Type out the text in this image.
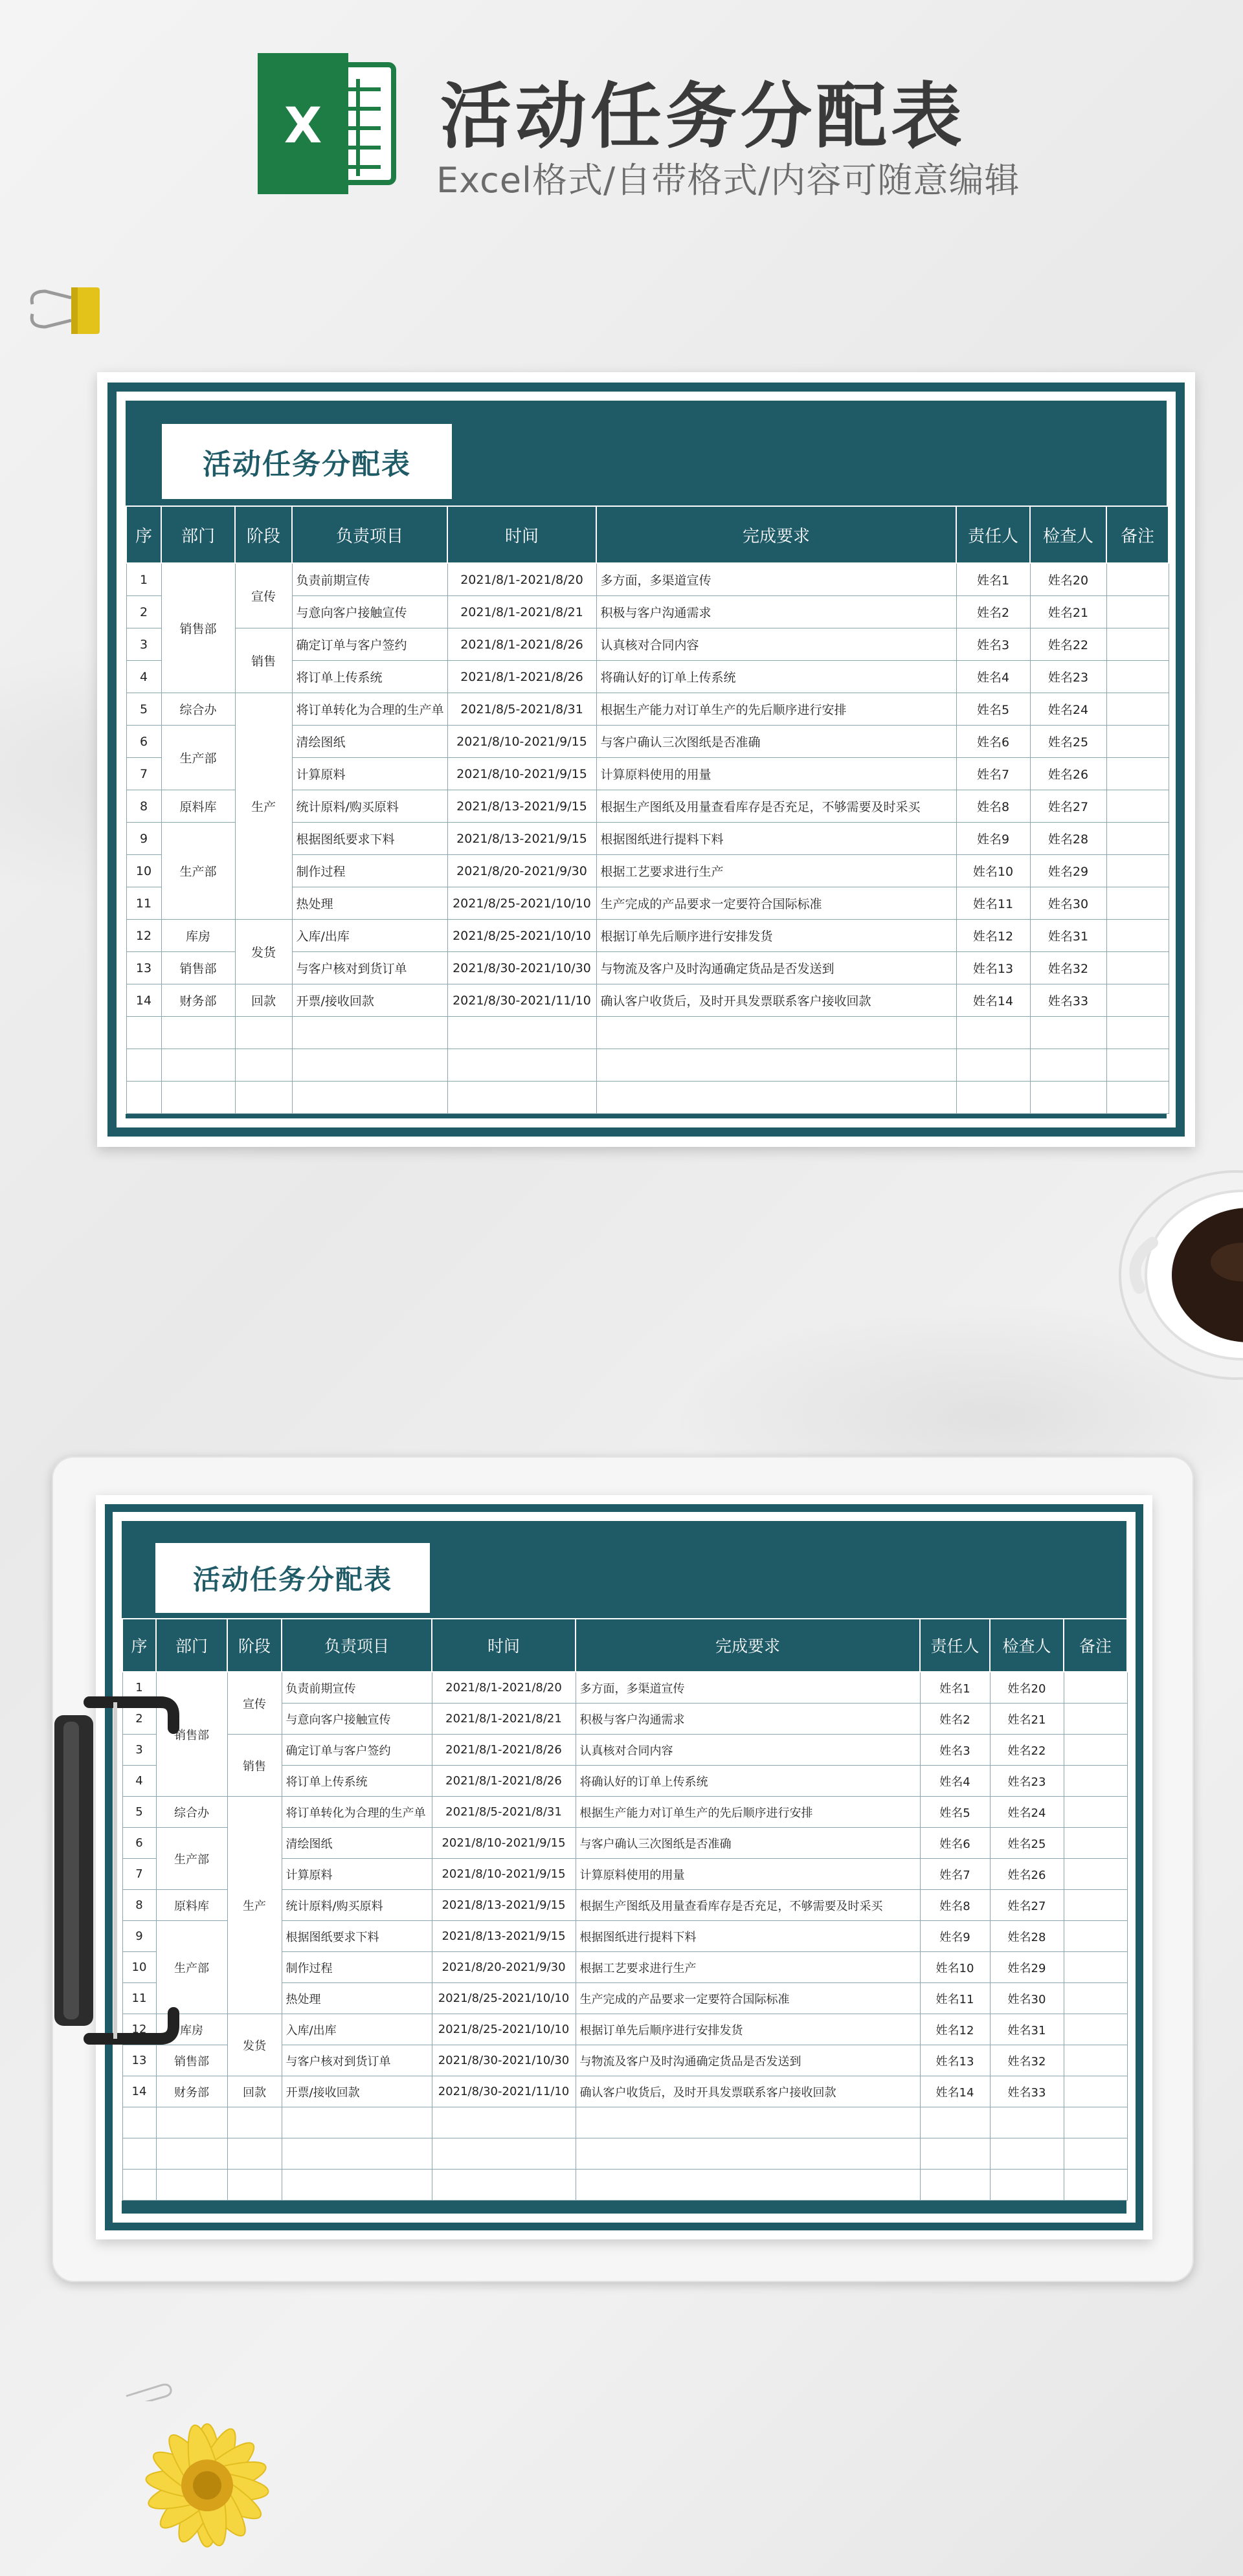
X 活动任务分配表
Excel格式/自带格式/内容可随意编辑
活动任务分配表
序	部门	阶段	负责项目	时间	完成要求	责任人	检查人	备注
1	销售部	宣传	负责前期宣传	2021/8/1-2021/8/20	多方面，多渠道宣传	姓名1	姓名20	
2			与意向客户接触宣传	2021/8/1-2021/8/21	积极与客户沟通需求	姓名2	姓名21	
3		销售	确定订单与客户签约	2021/8/1-2021/8/26	认真核对合同内容	姓名3	姓名22	
4			将订单上传系统	2021/8/1-2021/8/26	将确认好的订单上传系统	姓名4	姓名23	
5	综合办	生产	将订单转化为合理的生产单	2021/8/5-2021/8/31	根据生产能力对订单生产的先后顺序进行安排	姓名5	姓名24	
6	生产部		清绘图纸	2021/8/10-2021/9/15	与客户确认三次图纸是否准确	姓名6	姓名25	
7			计算原料	2021/8/10-2021/9/15	计算原料使用的用量	姓名7	姓名26	
8	原料库		统计原料/购买原料	2021/8/13-2021/9/15	根据生产图纸及用量查看库存是否充足，不够需要及时采买	姓名8	姓名27	
9	生产部		根据图纸要求下料	2021/8/13-2021/9/15	根据图纸进行提料下料	姓名9	姓名28	
10			制作过程	2021/8/20-2021/9/30	根据工艺要求进行生产	姓名10	姓名29	
11			热处理	2021/8/25-2021/10/10	生产完成的产品要求一定要符合国际标准	姓名11	姓名30	
12	库房	发货	入库/出库	2021/8/25-2021/10/10	根据订单先后顺序进行安排发货	姓名12	姓名31	
13	销售部		与客户核对到货订单	2021/8/30-2021/10/30	与物流及客户及时沟通确定货品是否发送到	姓名13	姓名32	
14	财务部	回款	开票/接收回款	2021/8/30-2021/11/10	确认客户收货后，及时开具发票联系客户接收回款	姓名14	姓名33	

活动任务分配表
序	部门	阶段	负责项目	时间	完成要求	责任人	检查人	备注
1	销售部	宣传	负责前期宣传	2021/8/1-2021/8/20	多方面，多渠道宣传	姓名1	姓名20	
2			与意向客户接触宣传	2021/8/1-2021/8/21	积极与客户沟通需求	姓名2	姓名21	
3		销售	确定订单与客户签约	2021/8/1-2021/8/26	认真核对合同内容	姓名3	姓名22	
4			将订单上传系统	2021/8/1-2021/8/26	将确认好的订单上传系统	姓名4	姓名23	
5	综合办	生产	将订单转化为合理的生产单	2021/8/5-2021/8/31	根据生产能力对订单生产的先后顺序进行安排	姓名5	姓名24	
6	生产部		清绘图纸	2021/8/10-2021/9/15	与客户确认三次图纸是否准确	姓名6	姓名25	
7			计算原料	2021/8/10-2021/9/15	计算原料使用的用量	姓名7	姓名26	
8	原料库		统计原料/购买原料	2021/8/13-2021/9/15	根据生产图纸及用量查看库存是否充足，不够需要及时采买	姓名8	姓名27	
9	生产部		根据图纸要求下料	2021/8/13-2021/9/15	根据图纸进行提料下料	姓名9	姓名28	
10			制作过程	2021/8/20-2021/9/30	根据工艺要求进行生产	姓名10	姓名29	
11			热处理	2021/8/25-2021/10/10	生产完成的产品要求一定要符合国际标准	姓名11	姓名30	
12	库房	发货	入库/出库	2021/8/25-2021/10/10	根据订单先后顺序进行安排发货	姓名12	姓名31	
13	销售部		与客户核对到货订单	2021/8/30-2021/10/30	与物流及客户及时沟通确定货品是否发送到	姓名13	姓名32	
14	财务部	回款	开票/接收回款	2021/8/30-2021/11/10	确认客户收货后，及时开具发票联系客户接收回款	姓名14	姓名33	
